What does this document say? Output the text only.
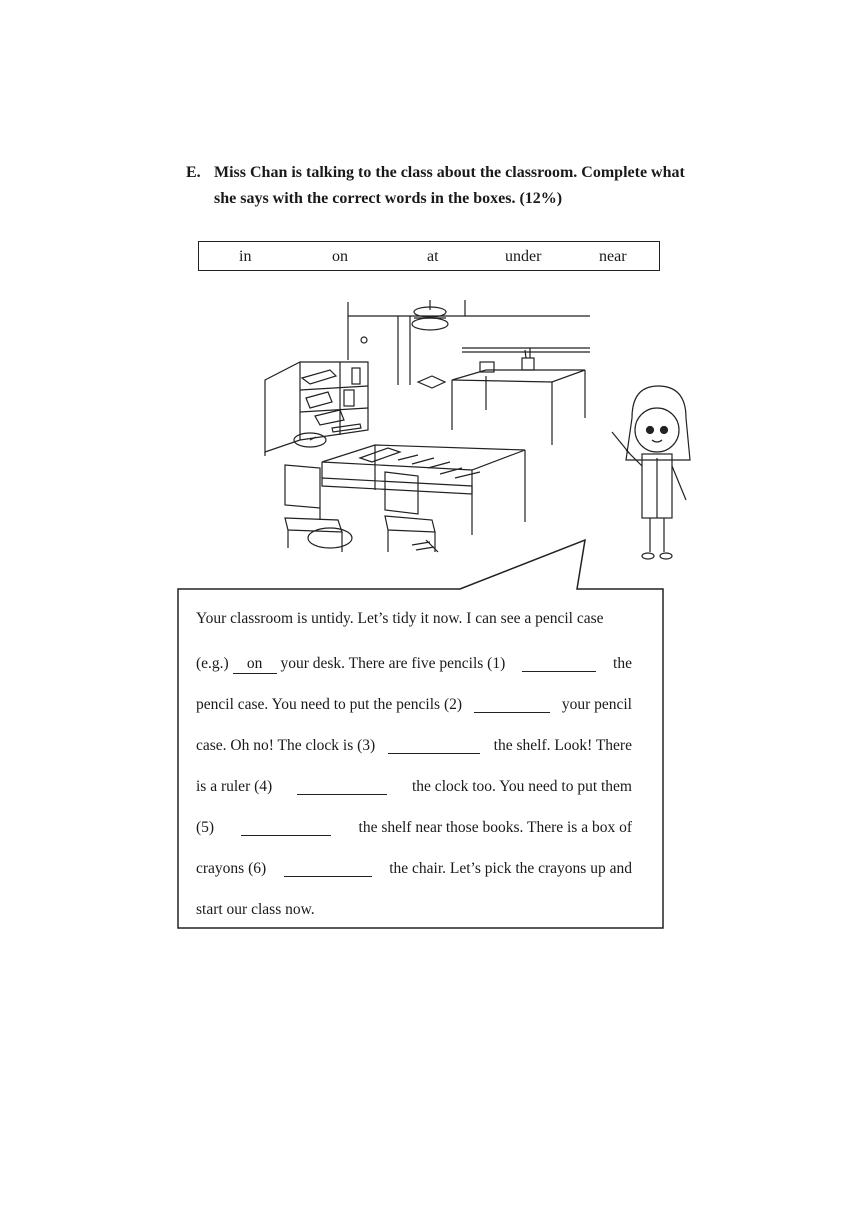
E. Miss Chan is talking to the class about the classroom. Complete what
she says with the correct words in the boxes. (12%)
in	on	at	under	near
Your classroom is untidy. Let’s tidy it now. I can see a pencil case
(e.g.) on your desk. There are five pencils (1)	the
pencil case. You need to put the pencils (2)	your pencil
case. Oh no! The clock is (3)	the shelf. Look! There
is a ruler (4)	the clock too. You need to put them
(5)	the shelf near those books. There is a box of
crayons (6)	the chair. Let’s pick the crayons up and
start our class now.
